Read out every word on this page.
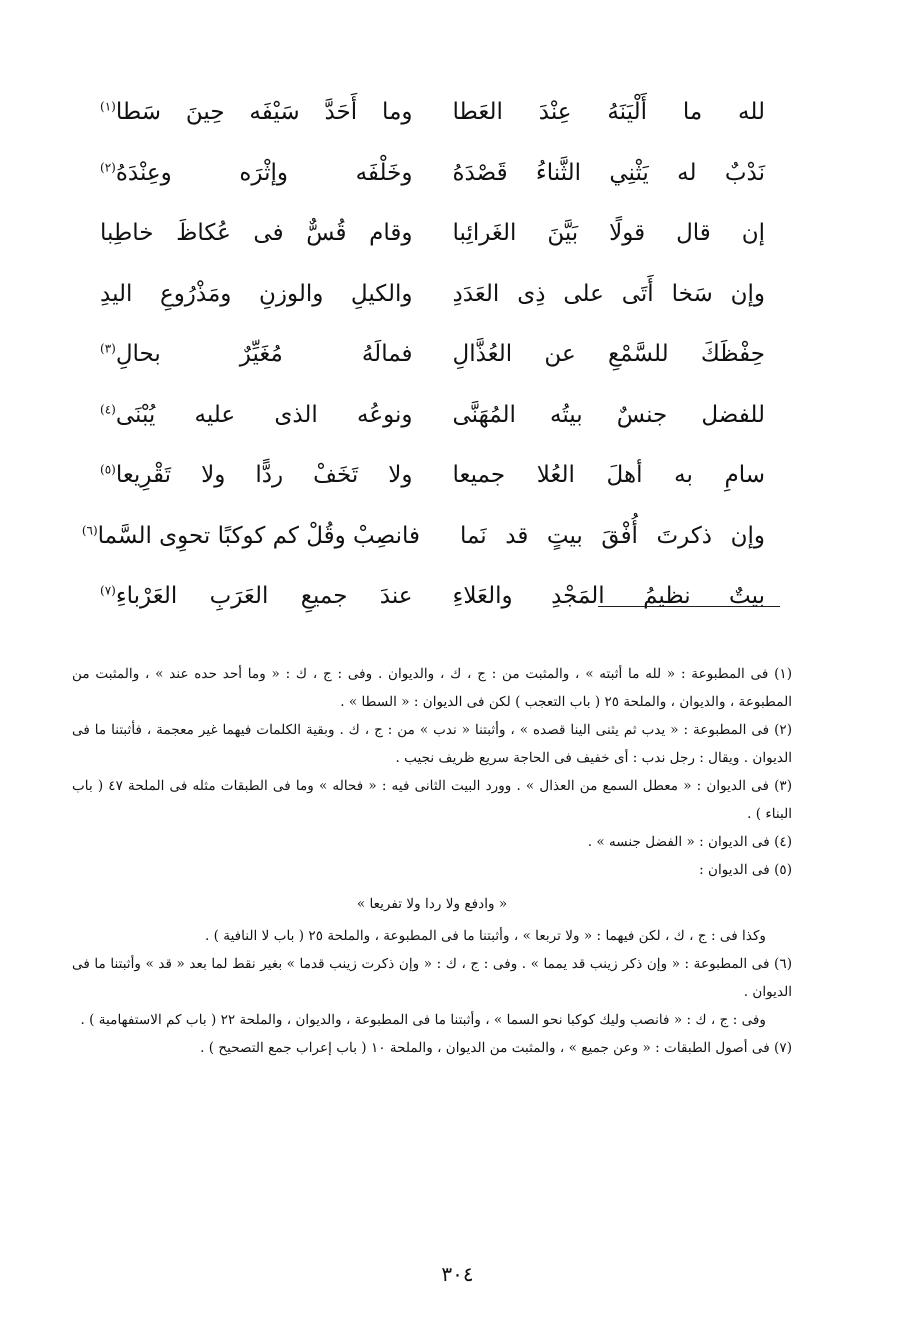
لله ما أَلْيَنَهُ عِنْدَ العَطا
وما أَحَدَّ سَيْفَه حِينَ سَطا$^{(١)}$
نَدْبٌ له يَثْنِي الثَّناءُ قَصْدَهُ
وخَلْفَه وإثْرَه وعِنْدَهُ$^{(٢)}$
إن قال قولًا بَيَّنَ الغَرائِبا
وقام قُسٌّ فى عُكاظَ خاطِبا
وإن سَخا أَتَى على ذِى العَدَدِ
والكيلِ والوزنِ ومَذْرُوعِ اليدِ
حِفْظَكَ للسَّمْعِ عن العُذَّالِ
فمالَهُ مُغَيِّرٌ بحالِ$^{(٣)}$
للفضل جنسٌ بيتُه المُهَنَّى
ونوعُه الذى عليه يُبْنَى$^{(٤)}$
سامِ به أهلَ العُلا جميعا
ولا تَخَفْ ردًّا ولا تَقْرِيعا$^{(٥)}$
وإن ذكرتَ أُفْقَ بيتٍ قد نَما
فانصِبْ وقُلْ كم كوكبًا تحوِى السَّما$^{(٦)}$
بيتٌ نظيمُ المَجْدِ والعَلاءِ
عندَ جميعِ العَرَبِ العَرْباءِ$^{(٧)}$

(١) فى المطبوعة : « لله ما أثبته » ، والمثبت من : ج ، ك ، والديوان . وفى : ج ، ك : « وما أحد حده عند » ، والمثبت من المطبوعة ، والديوان ، والملحة ٢٥ ( باب التعجب ) لكن فى الديوان : « السطا » .

(٢) فى المطبوعة : « يدب ثم يثنى الينا قصده » ، وأثبتنا « ندب » من : ج ، ك . وبقية الكلمات فيهما غير معجمة ، فأثبتنا ما فى الديوان . ويقال : رجل ندب : أى خفيف فى الحاجة سريع ظريف نجيب .

(٣) فى الديوان : « معطل السمع من العذال » . وورد البيت الثانى فيه : « فحاله » وما فى الطبقات مثله فى الملحة ٤٧ ( باب البناء ) .

(٤) فى الديوان : « الفضل جنسه » .

(٥) فى الديوان :

« وادفع ولا ردا ولا تفريعا »

وكذا فى : ج ، ك ، لكن فيهما : « ولا تربعا » ، وأثبتنا ما فى المطبوعة ، والملحة ٢٥ ( باب لا النافية ) .

(٦) فى المطبوعة : « وإن ذكر زينب قد يمما » . وفى : ج ، ك : « وإن ذكرت زينب قدما » بغير نقط لما بعد « قد » وأثبتنا ما فى الديوان .

وفى : ج ، ك : « فانصب وليك كوكبا نحو السما » ، وأثبتنا ما فى المطبوعة ، والديوان ، والملحة ٢٢ ( باب كم الاستفهامية ) .

(٧) فى أصول الطبقات : « وعن جميع » ، والمثبت من الديوان ، والملحة ١٠ ( باب إعراب جمع التصحيح ) .

٣٠٤
